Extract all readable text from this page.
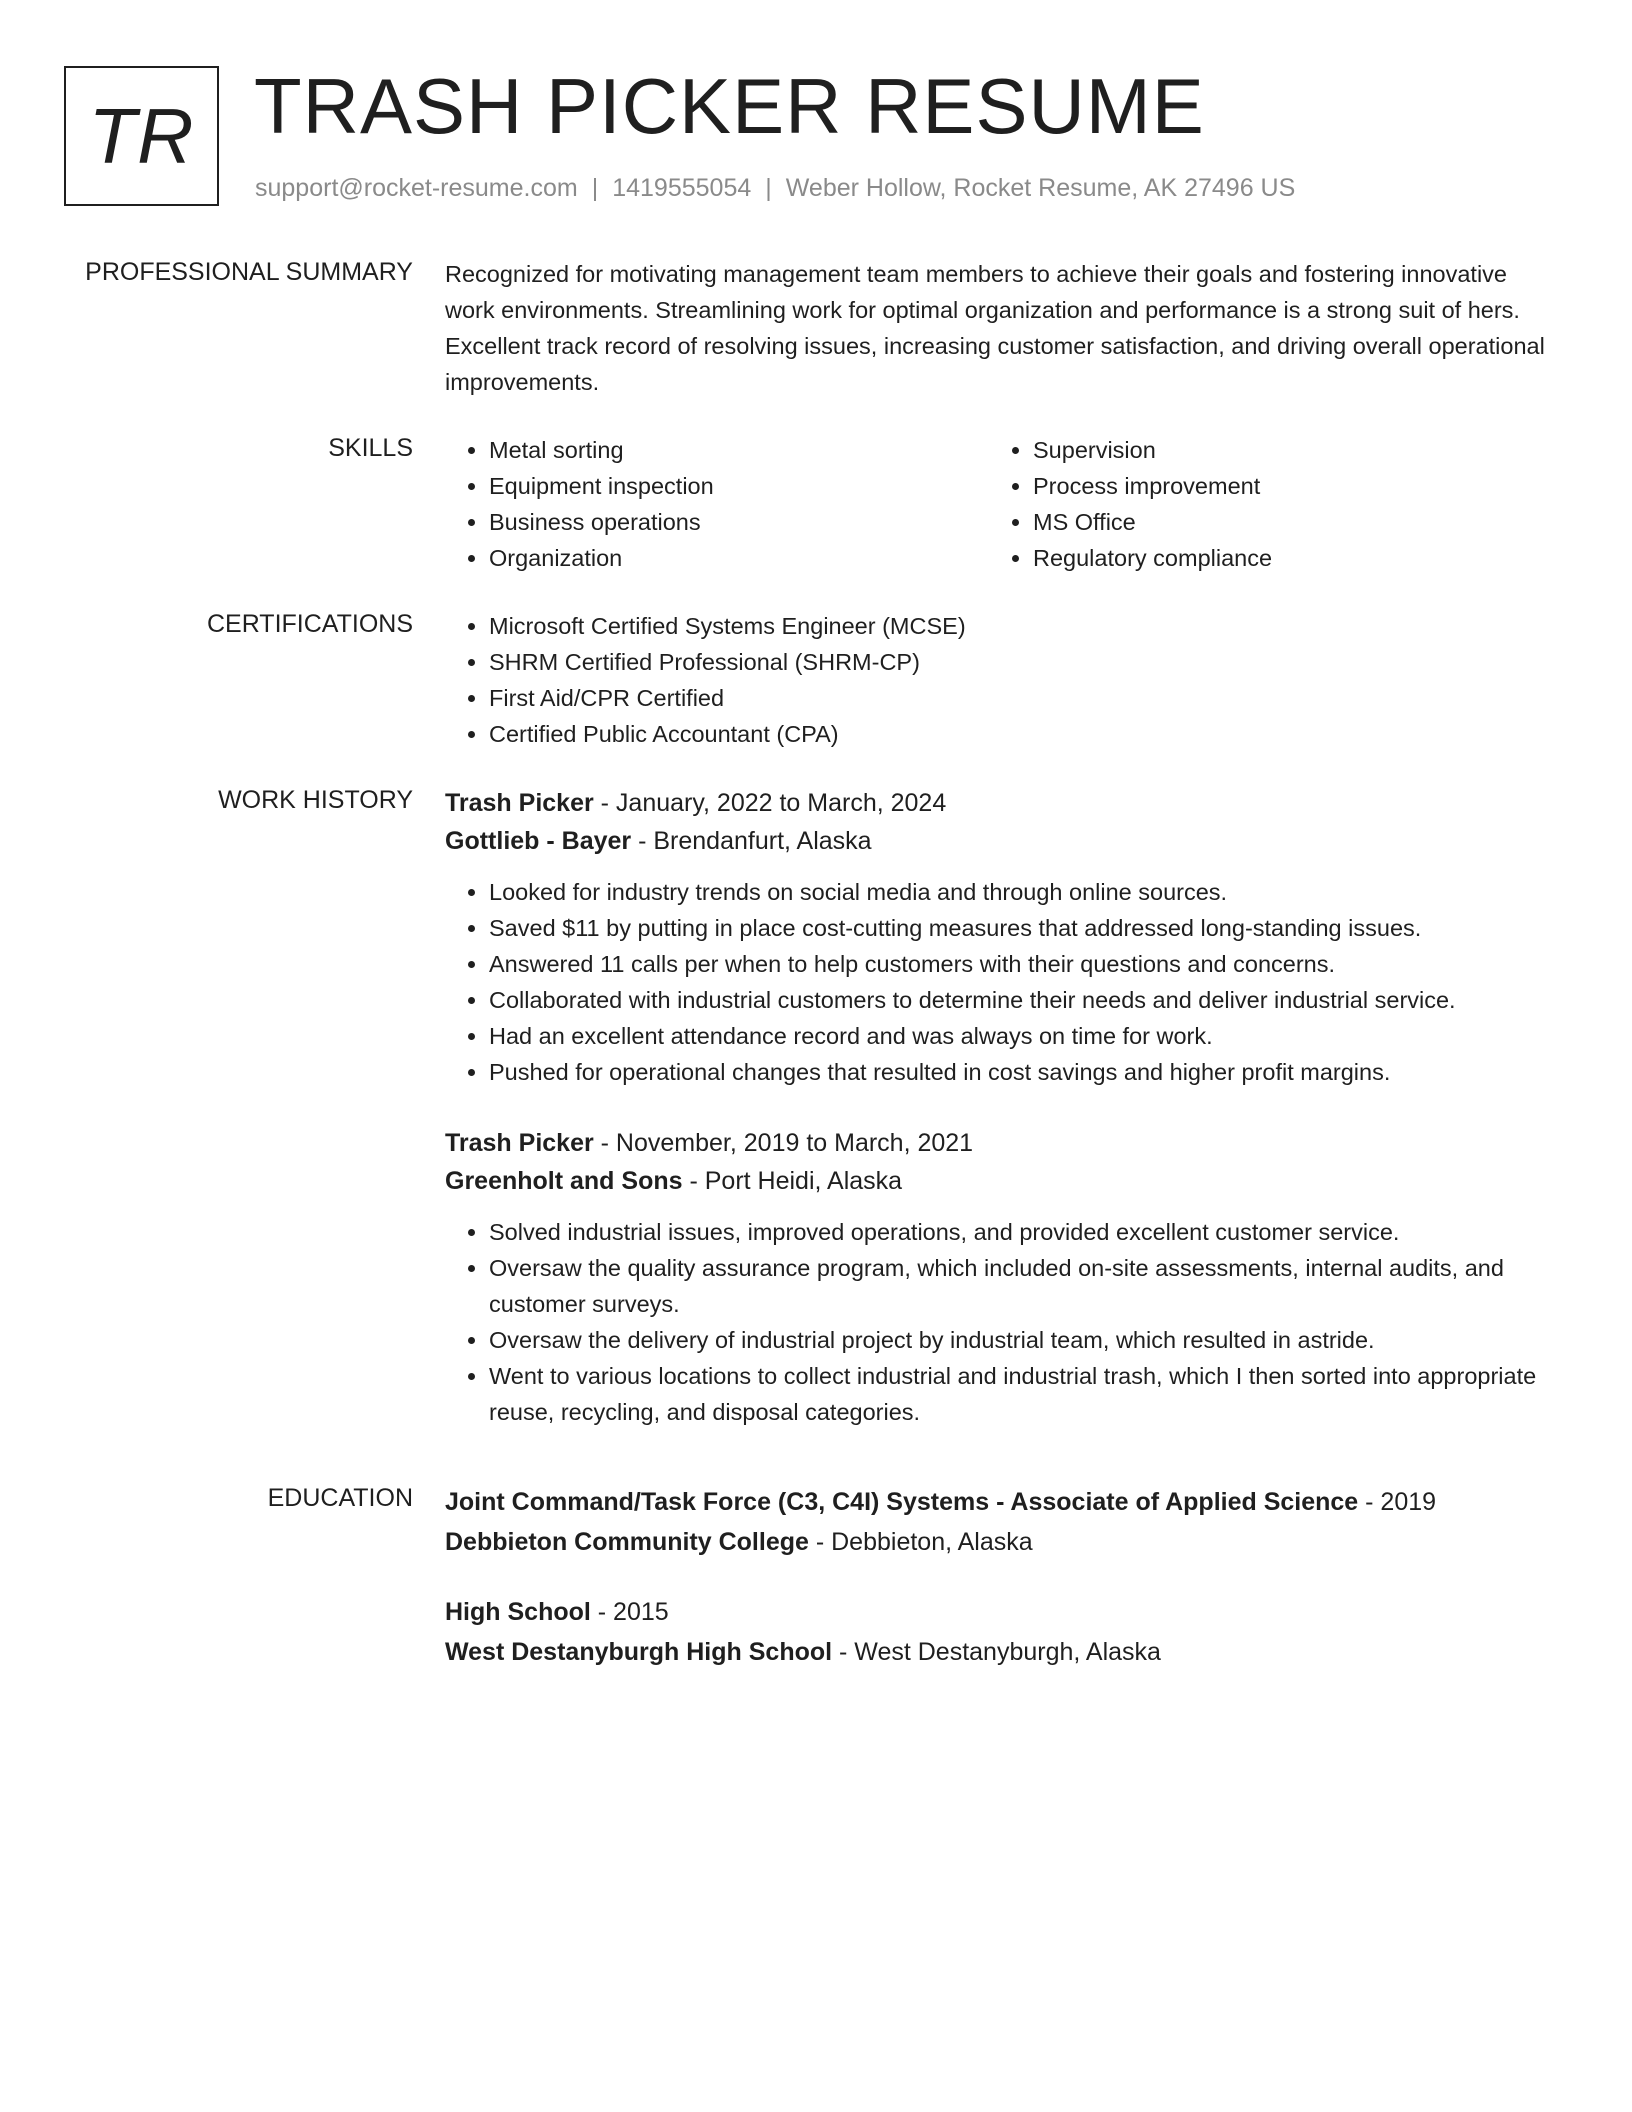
TR TRASH PICKER RESUME
support@rocket-resume.com | 1419555054 | Weber Hollow, Rocket Resume, AK 27496 US
PROFESSIONAL SUMMARY Recognized for motivating management team members to achieve their goals and fostering innovative work environments. Streamlining work for optimal organization and performance is a strong suit of hers. Excellent track record of resolving issues, increasing customer satisfaction, and driving overall operational improvements.

SKILLS	• Metal sorting
• Equipment inspection
• Business operations
• Organization
• Supervision
• Process improvement
• MS Office
• Regulatory compliance
CERTIFICATIONS	• Microsoft Certified Systems Engineer (MCSE)
• SHRM Certified Professional (SHRM-CP)
• First Aid/CPR Certified
• Certified Public Accountant (CPA)
WORK HISTORY Trash Picker - January, 2022 to March, 2024
Gottlieb - Bayer - Brendanfurt, Alaska
• Looked for industry trends on social media and through online sources.
• Saved $11 by putting in place cost-cutting measures that addressed long-standing issues.
• Answered 11 calls per when to help customers with their questions and concerns.
• Collaborated with industrial customers to determine their needs and deliver industrial service.
• Had an excellent attendance record and was always on time for work.
• Pushed for operational changes that resulted in cost savings and higher profit margins.
Trash Picker - November, 2019 to March, 2021
Greenholt and Sons - Port Heidi, Alaska
• Solved industrial issues, improved operations, and provided excellent customer service.
• Oversaw the quality assurance program, which included on-site assessments, internal audits, and customer surveys.
• Oversaw the delivery of industrial project by industrial team, which resulted in astride.
• Went to various locations to collect industrial and industrial trash, which I then sorted into appropriate reuse, recycling, and disposal categories.
EDUCATION Joint Command/Task Force (C3, C4I) Systems - Associate of Applied Science - 2019
Debbieton Community College - Debbieton, Alaska
High School - 2015
West Destanyburgh High School - West Destanyburgh, Alaska
